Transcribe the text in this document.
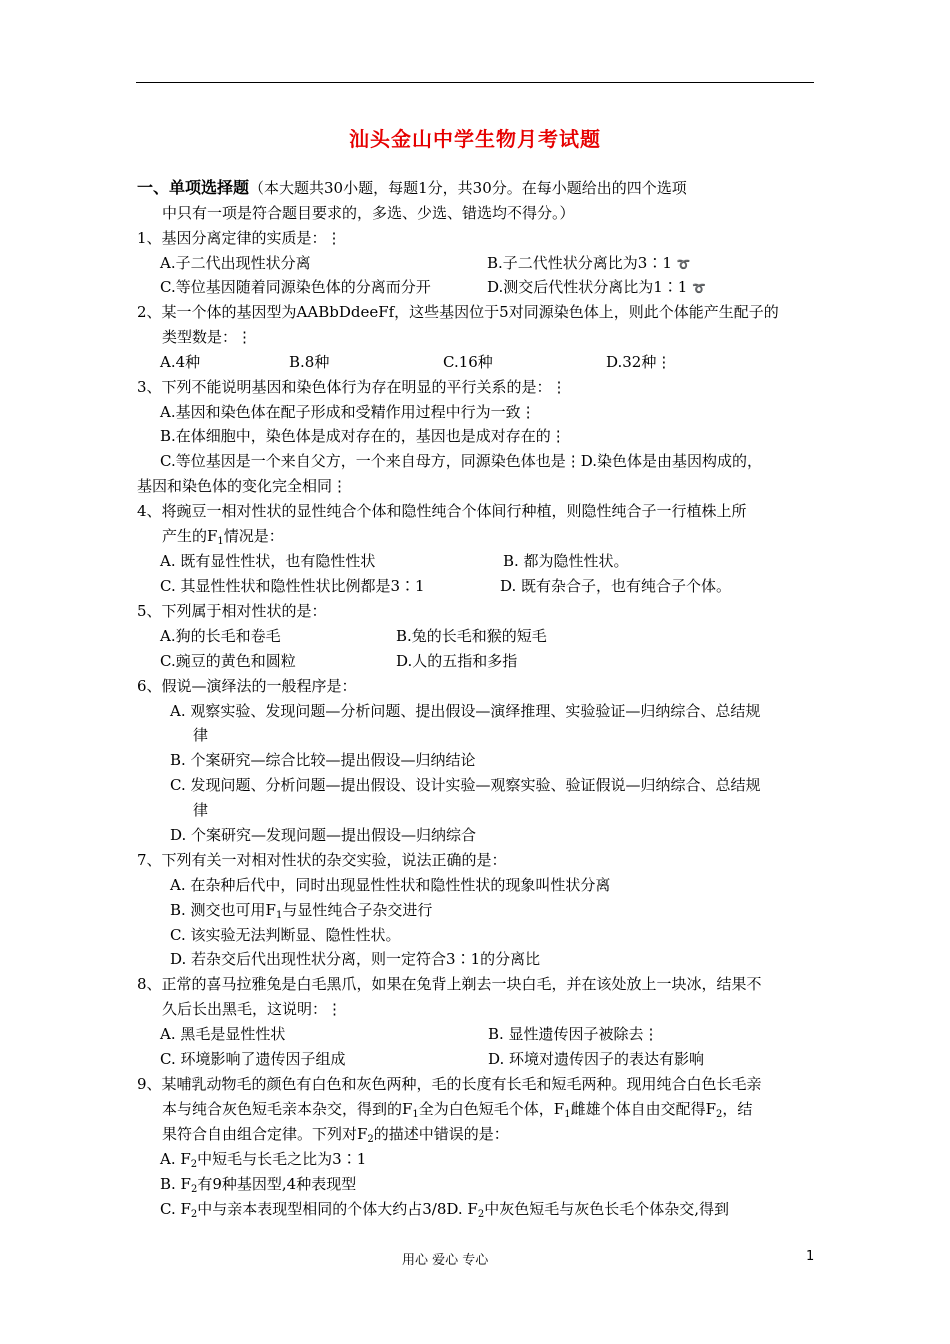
汕头金山中学生物月考试题
一、单项选择题（本大题共30小题，每题1分，共30分。在每小题给出的四个选项
中只有一项是符合题目要求的，多选、少选、错选均不得分。）
1、基因分离定律的实质是：⋮
A.子二代出现性状分离	B.子二代性状分离比为3∶1 ➰
C.等位基因随着同源染色体的分离而分开	D.测交后代性状分离比为1∶1 ➰
2、某一个体的基因型为AABbDdeeFf，这些基因位于5对同源染色体上，则此个体能产生配子的
类型数是：⋮
A.4种	B.8种	C.16种	D.32种⋮
3、下列不能说明基因和染色体行为存在明显的平行关系的是：⋮
A.基因和染色体在配子形成和受精作用过程中行为一致⋮
B.在体细胞中，染色体是成对存在的，基因也是成对存在的⋮
C.等位基因是一个来自父方，一个来自母方，同源染色体也是⋮D.染色体是由基因构成的，
基因和染色体的变化完全相同⋮
4、将豌豆一相对性状的显性纯合个体和隐性纯合个体间行种植，则隐性纯合子一行植株上所
产生的$F_1$情况是：
A. 既有显性性状，也有隐性性状	B. 都为隐性性状。
C. 其显性性状和隐性性状比例都是3∶1	D. 既有杂合子，也有纯合子个体。
5、下列属于相对性状的是：
A.狗的长毛和卷毛	B.兔的长毛和猴的短毛
C.豌豆的黄色和圆粒	D.人的五指和多指
6、假说—演绎法的一般程序是：
A. 观察实验、发现问题—分析问题、提出假设—演绎推理、实验验证—归纳综合、总结规
律
B. 个案研究—综合比较—提出假设—归纳结论
C. 发现问题、分析问题—提出假设、设计实验—观察实验、验证假说—归纳综合、总结规
律
D. 个案研究—发现问题—提出假设—归纳综合
7、下列有关一对相对性状的杂交实验，说法正确的是：
A. 在杂种后代中，同时出现显性性状和隐性性状的现象叫性状分离
B. 测交也可用$F_1$与显性纯合子杂交进行
C. 该实验无法判断显、隐性性状。
D. 若杂交后代出现性状分离，则一定符合3∶1的分离比
8、正常的喜马拉雅兔是白毛黑爪，如果在兔背上剃去一块白毛，并在该处放上一块冰，结果不
久后长出黑毛，这说明：⋮
A. 黑毛是显性性状	B. 显性遗传因子被除去⋮
C. 环境影响了遗传因子组成	D. 环境对遗传因子的表达有影响
9、某哺乳动物毛的颜色有白色和灰色两种，毛的长度有长毛和短毛两种。现用纯合白色长毛亲
本与纯合灰色短毛亲本杂交，得到的$F_1$全为白色短毛个体，$F_1$雌雄个体自由交配得$F_2$，结
果符合自由组合定律。下列对$F_2$的描述中错误的是：
A. $F_2$中短毛与长毛之比为3∶1
B. $F_2$有9种基因型,4种表现型
C. $F_2$中与亲本表现型相同的个体大约占3/8D. $F_2$中灰色短毛与灰色长毛个体杂交,得到
用心 爱心 专心	1
